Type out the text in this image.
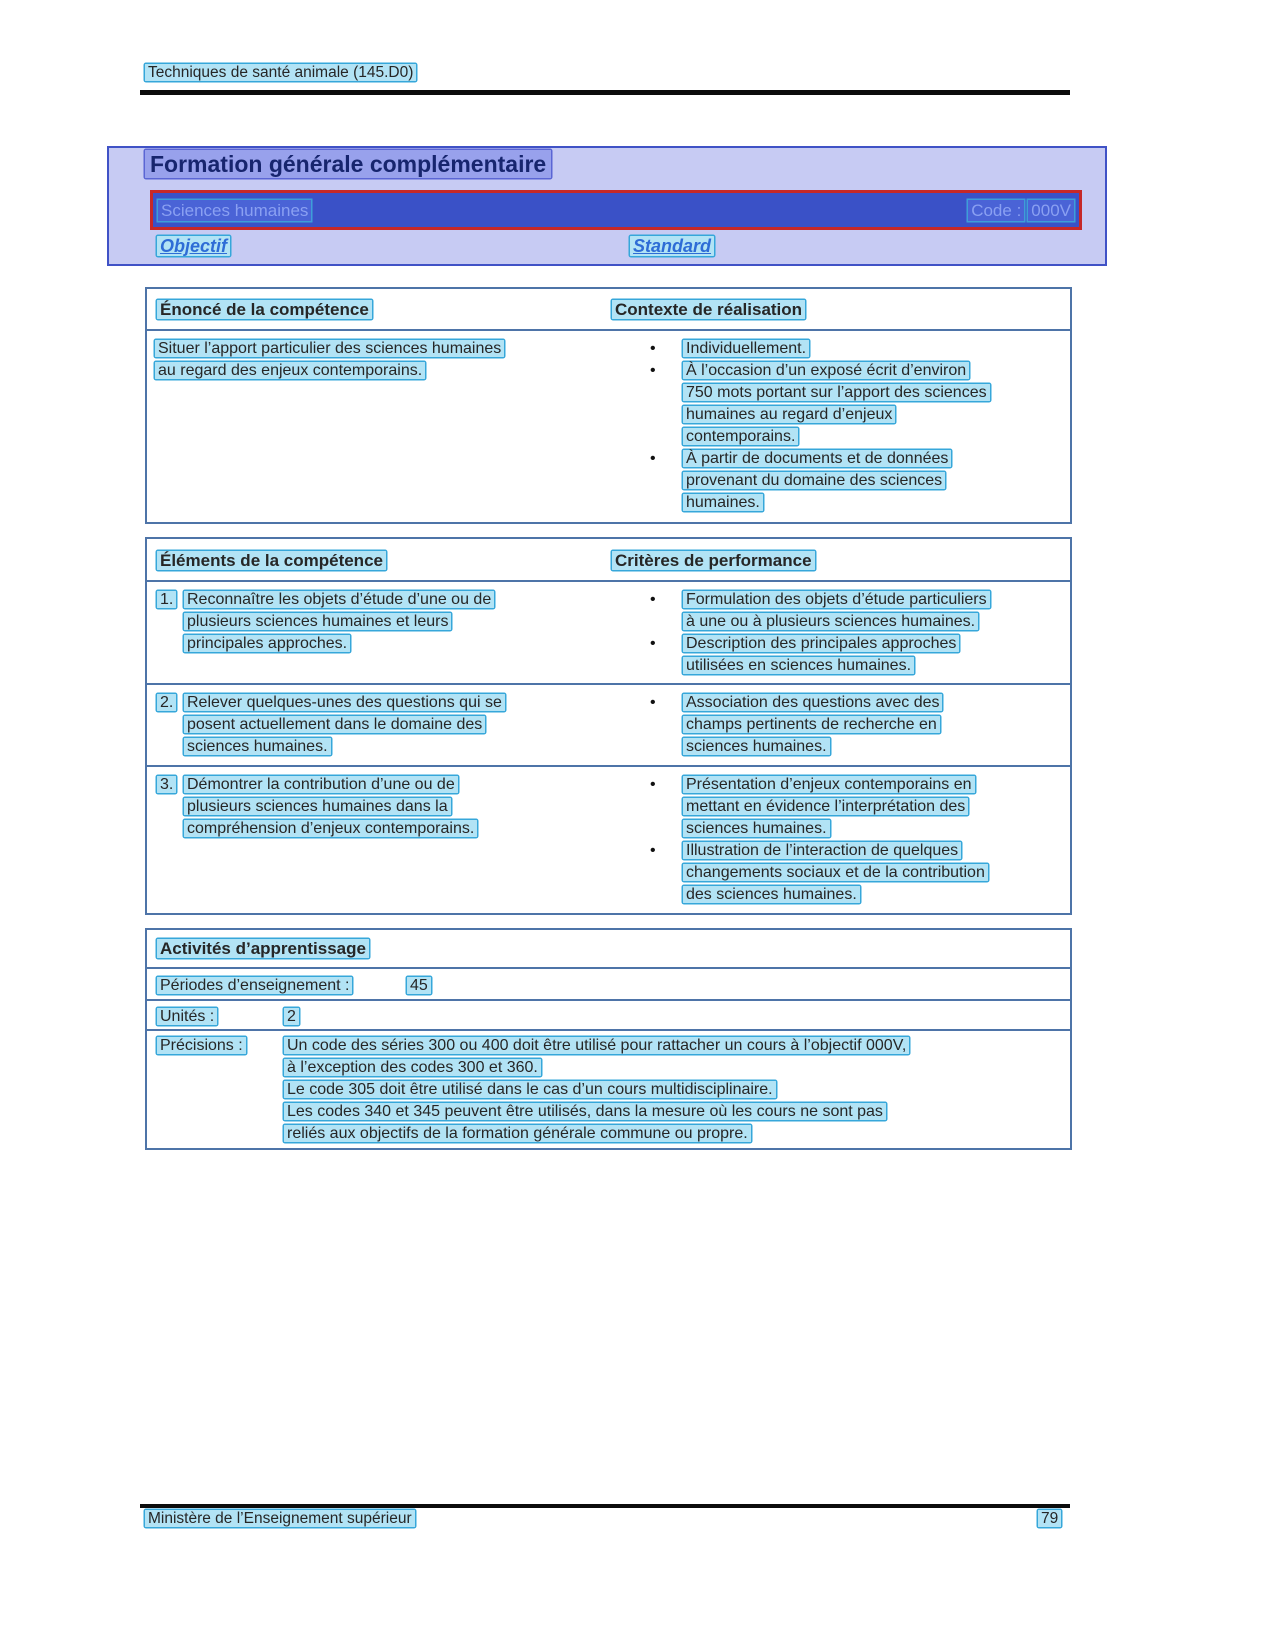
Techniques de santé animale (145.D0)
Formation générale complémentaire
Sciences humaines	Code : 000V
Objectif	Standard
Énoncé de la compétence	Contexte de réalisation
Situer l’apport particulier des sciences humaines
au regard des enjeux contemporains.
•	Individuellement.
•	À l’occasion d’un exposé écrit d’environ
750 mots portant sur l’apport des sciences
humaines au regard d’enjeux
contemporains.
•	À partir de documents et de données
provenant du domaine des sciences
humaines.
Éléments de la compétence	Critères de performance
1. Reconnaître les objets d’étude d’une ou de
plusieurs sciences humaines et leurs
principales approches.
•	Formulation des objets d’étude particuliers
à une ou à plusieurs sciences humaines.
•	Description des principales approches
utilisées en sciences humaines.
2. Relever quelques-unes des questions qui se
posent actuellement dans le domaine des
sciences humaines.
•	Association des questions avec des
champs pertinents de recherche en
sciences humaines.
3. Démontrer la contribution d’une ou de
plusieurs sciences humaines dans la
compréhension d’enjeux contemporains.
•	Présentation d’enjeux contemporains en
mettant en évidence l’interprétation des
sciences humaines.
•	Illustration de l’interaction de quelques
changements sociaux et de la contribution
des sciences humaines.
Activités d’apprentissage
Périodes d’enseignement :	45
Unités :	2
Précisions :	Un code des séries 300 ou 400 doit être utilisé pour rattacher un cours à l’objectif 000V,
à l’exception des codes 300 et 360.
Le code 305 doit être utilisé dans le cas d’un cours multidisciplinaire.
Les codes 340 et 345 peuvent être utilisés, dans la mesure où les cours ne sont pas
reliés aux objectifs de la formation générale commune ou propre.
Ministère de l’Enseignement supérieur	79
